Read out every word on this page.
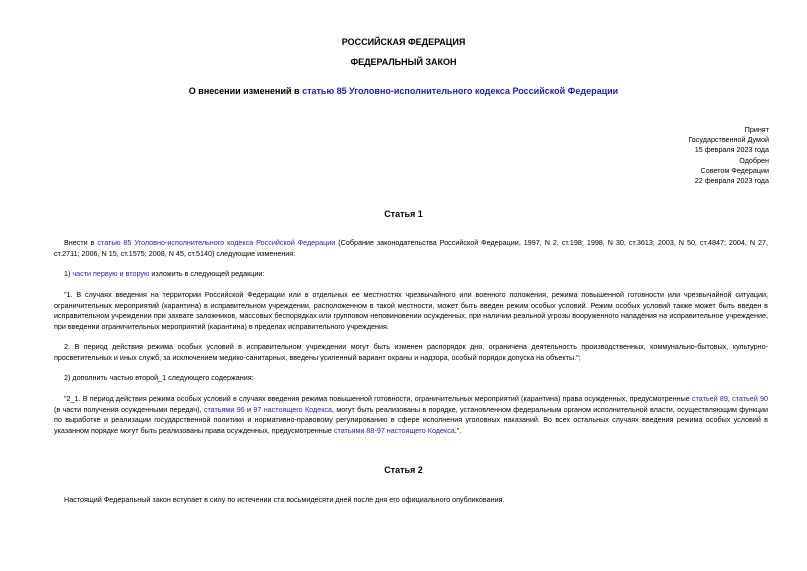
РОССИЙСКАЯ ФЕДЕРАЦИЯ
ФЕДЕРАЛЬНЫЙ ЗАКОН
О внесении изменений в статью 85 Уголовно-исполнительного кодекса Российской Федерации
Принят
Государственной Думой
15 февраля 2023 года
Одобрен
Советом Федерации
22 февраля 2023 года
Статья 1
Внести в статью 85 Уголовно-исполнительного кодекса Российской Федерации (Собрание законодательства Российской Федерации, 1997, N 2, ст.198; 1998, N 30, ст.3613; 2003, N 50, ст.4847; 2004, N 27, ст.2711; 2006, N 15, ст.1575; 2008, N 45, ст.5140) следующие изменения:
1) части первую и вторую изложить в следующей редакции:
"1. В случаях введения на территории Российской Федерации или в отдельных ее местностях чрезвычайного или военного положения, режима повышенной готовности или чрезвычайной ситуации, ограничительных мероприятий (карантина) в исправительном учреждении, расположенном в такой местности, может быть введен режим особых условий. Режим особых условий также может быть введен в исправительном учреждении при захвате заложников, массовых беспорядках или групповом неповиновении осужденных, при наличии реальной угрозы вооруженного нападения на исправительное учреждение, при введении ограничительных мероприятий (карантина) в пределах исправительного учреждения.
2. В период действия режима особых условий в исправительном учреждении могут быть изменен распорядок дня, ограничена деятельность производственных, коммунально-бытовых, культурно-просветительных и иных служб, за исключением медико-санитарных, введены усиленный вариант охраны и надзора, особый порядок допуска на объекты.";
2) дополнить частью второй_1 следующего содержания:
"2_1. В период действия режима особых условий в случаях введения режима повышенной готовности, ограничительных мероприятий (карантина) права осужденных, предусмотренные статьей 89, статьей 90 (в части получения осужденными передач), статьями 96 и 97 настоящего Кодекса, могут быть реализованы в порядке, установленном федеральным органом исполнительной власти, осуществляющим функции по выработке и реализации государственной политики и нормативно-правовому регулированию в сфере исполнения уголовных наказаний. Во всех остальных случаях введения режима особых условий в указанном порядке могут быть реализованы права осужденных, предусмотренные статьями 88-97 настоящего Кодекса.".
Статья 2
Настоящий Федеральный закон вступает в силу по истечении ста восьмидесяти дней после дня его официального опубликования.
